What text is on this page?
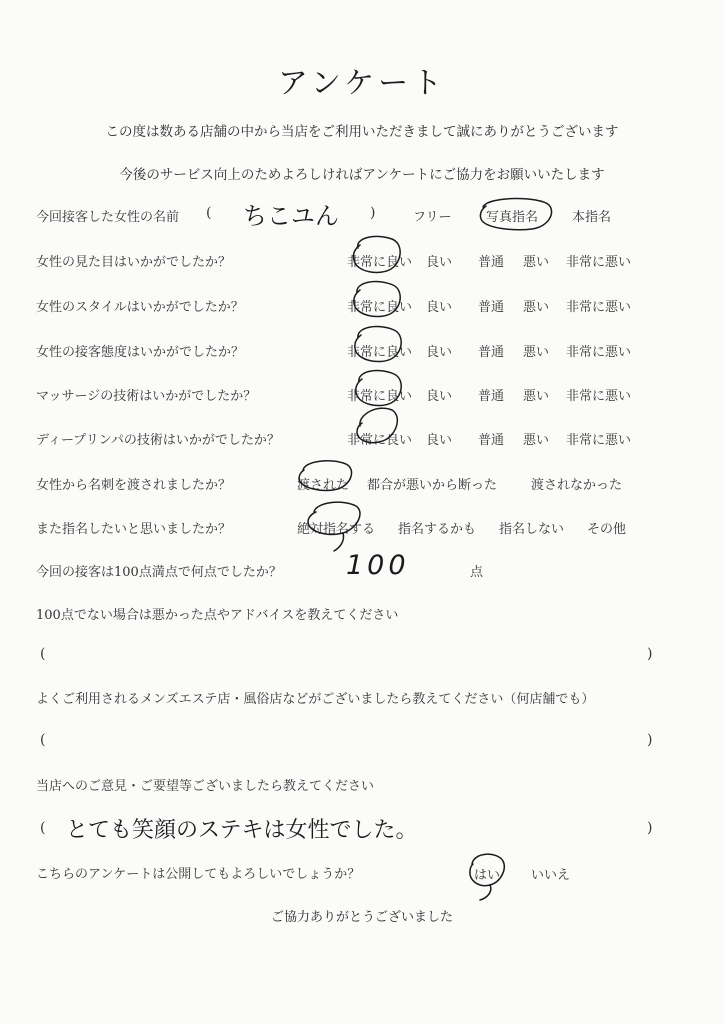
アンケート
この度は数ある店舗の中から当店をご利用いただきまして誠にありがとうございます
今後のサービス向上のためよろしければアンケートにご協力をお願いいたします
今回接客した女性の名前 ( ちこユん )	フリー	写真指名	本指名
女性の見た目はいかがでしたか？	非常に良い 良い 普通 悪い 非常に悪い
女性のスタイルはいかがでしたか？	非常に良い 良い 普通 悪い 非常に悪い
女性の接客態度はいかがでしたか？	非常に良い 良い 普通 悪い 非常に悪い
マッサージの技術はいかがでしたか？	非常に良い 良い 普通 悪い 非常に悪い
ディープリンパの技術はいかがでしたか？	非常に良い 良い 普通 悪い 非常に悪い
女性から名刺を渡されましたか？	渡された 都合が悪いから断った	渡されなかった
また指名したいと思いましたか？	絶対指名する 指名するかも 指名しない その他
今回の接客は100点満点で何点でしたか？ 100	点
100点でない場合は悪かった点やアドバイスを教えてください
(	)
よくご利用されるメンズエステ店・風俗店などがございましたら教えてください（何店舗でも）
(	)
当店へのご意見・ご要望等ございましたら教えてください
( とても笑顔のステキは女性でした。	)
こちらのアンケートは公開してもよろしいでしょうか？	はい いいえ
ご協力ありがとうございました
